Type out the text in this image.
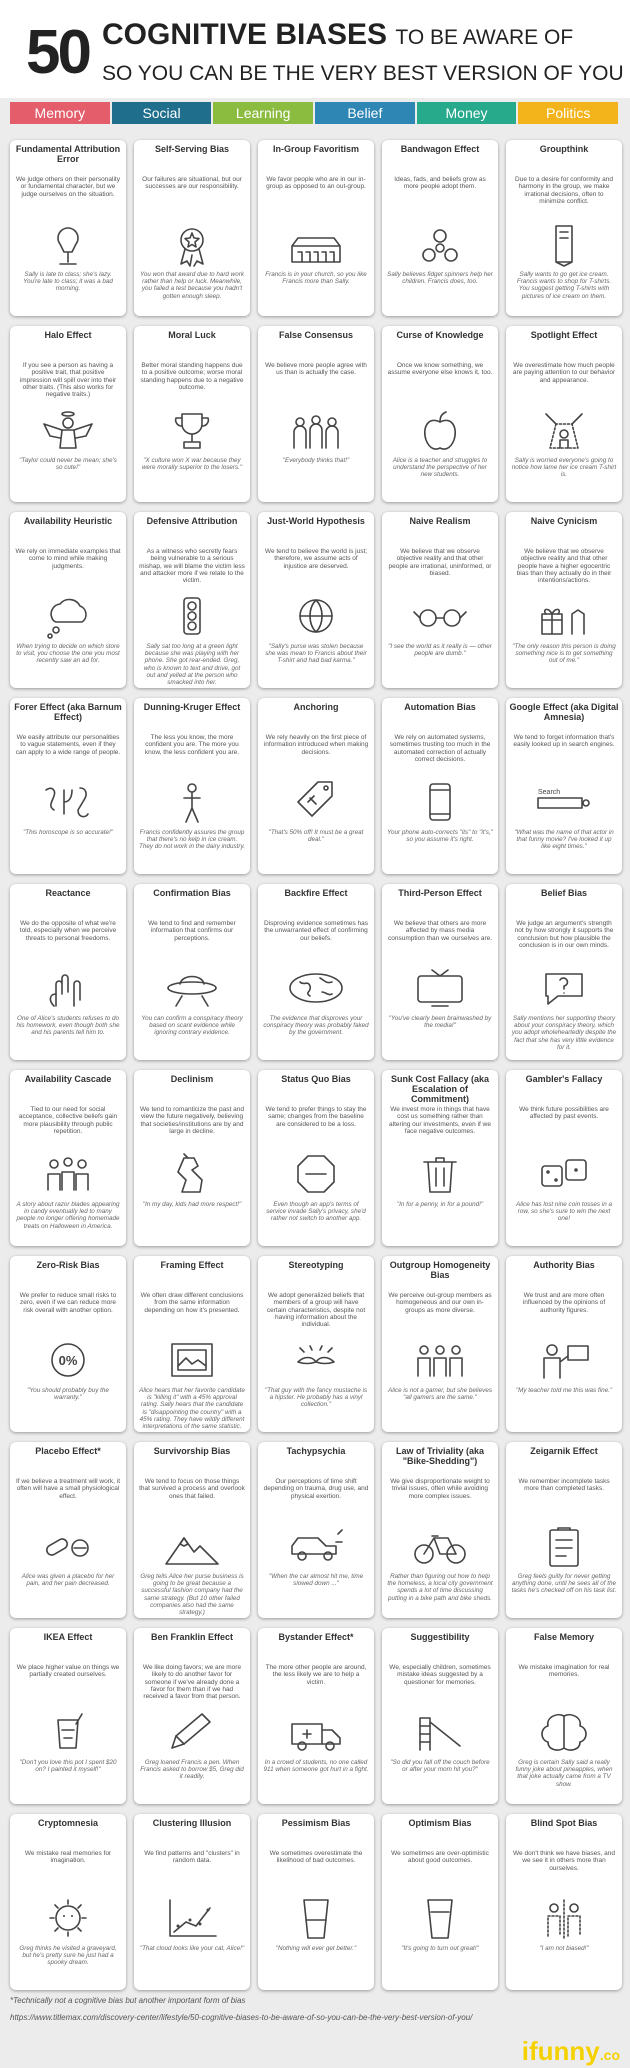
50 COGNITIVE BIASES TO BE AWARE OF
SO YOU CAN BE THE VERY BEST VERSION OF YOU
Memory	Social	Learning	Belief	Money	Politics
Fundamental Attribution Error
We judge others on their personality or fundamental character, but we judge ourselves on the situation.
Sally is late to class; she's lazy. You're late to class; it was a bad morning.
Self-Serving Bias
Our failures are situational, but our successes are our responsibility.
You won that award due to hard work rather than help or luck. Meanwhile, you failed a test because you hadn't gotten enough sleep.
In-Group Favoritism
We favor people who are in our in-group as opposed to an out-group.
Francis is in your church, so you like Francis more than Sally.
Bandwagon Effect
Ideas, fads, and beliefs grow as more people adopt them.
Sally believes fidget spinners help her children. Francis does, too.
Groupthink
Due to a desire for conformity and harmony in the group, we make irrational decisions, often to minimize conflict.
Sally wants to go get ice cream. Francis wants to shop for T-shirts. You suggest getting T-shirts with pictures of ice cream on them.
Halo Effect
If you see a person as having a positive trait, that positive impression will spill over into their other traits. (This also works for negative traits.)
"Taylor could never be mean; she's so cute!"
Moral Luck
Better moral standing happens due to a positive outcome; worse moral standing happens due to a negative outcome.
"X culture won X war because they were morally superior to the losers."
False Consensus
We believe more people agree with us than is actually the case.
"Everybody thinks that!"
Curse of Knowledge
Once we know something, we assume everyone else knows it, too.
Alice is a teacher and struggles to understand the perspective of her new students.
Spotlight Effect
We overestimate how much people are paying attention to our behavior and appearance.
Sally is worried everyone's going to notice how lame her ice cream T-shirt is.
Availability Heuristic
We rely on immediate examples that come to mind while making judgments.
When trying to decide on which store to visit, you choose the one you most recently saw an ad for.
Defensive Attribution
As a witness who secretly fears being vulnerable to a serious mishap, we will blame the victim less and attacker more if we relate to the victim.
Sally sat too long at a green light because she was playing with her phone. She got rear-ended. Greg, who is known to text and drive, got out and yelled at the person who smacked into her.
Just-World Hypothesis
We tend to believe the world is just; therefore, we assume acts of injustice are deserved.
"Sally's purse was stolen because she was mean to Francis about their T-shirt and had bad karma."
Naive Realism
We believe that we observe objective reality and that other people are irrational, uninformed, or biased.
"I see the world as it really is — other people are dumb."
Naive Cynicism
We believe that we observe objective reality and that other people have a higher egocentric bias than they actually do in their intentions/actions.
"The only reason this person is doing something nice is to get something out of me."
Forer Effect (aka Barnum Effect)
We easily attribute our personalities to vague statements, even if they can apply to a wide range of people.
"This horoscope is so accurate!"
Dunning-Kruger Effect
The less you know, the more confident you are. The more you know, the less confident you are.
Francis confidently assures the group that there's no kelp in ice cream. They do not work in the dairy industry.
Anchoring
We rely heavily on the first piece of information introduced when making decisions.
"That's 50% off! It must be a great deal."
Automation Bias
We rely on automated systems, sometimes trusting too much in the automated correction of actually correct decisions.
Your phone auto-corrects "its" to "it's," so you assume it's right.
Google Effect (aka Digital Amnesia)
We tend to forget information that's easily looked up in search engines.
Search
"What was the name of that actor in that funny movie? I've looked it up like eight times."
Reactance
We do the opposite of what we're told, especially when we perceive threats to personal freedoms.
One of Alice's students refuses to do his homework, even though both she and his parents tell him to.
Confirmation Bias
We tend to find and remember information that confirms our perceptions.
You can confirm a conspiracy theory based on scant evidence while ignoring contrary evidence.
Backfire Effect
Disproving evidence sometimes has the unwarranted effect of confirming our beliefs.
The evidence that disproves your conspiracy theory was probably faked by the government.
Third-Person Effect
We believe that others are more affected by mass media consumption than we ourselves are.
"You've clearly been brainwashed by the media!"
Belief Bias
We judge an argument's strength not by how strongly it supports the conclusion but how plausible the conclusion is in our own minds.
Sally mentions her supporting theory about your conspiracy theory, which you adopt wholeheartedly despite the fact that she has very little evidence for it.
Availability Cascade
Tied to our need for social acceptance, collective beliefs gain more plausibility through public repetition.
A story about razor blades appearing in candy eventually led to many people no longer offering homemade treats on Halloween in America.
Declinism
We tend to romanticize the past and view the future negatively, believing that societies/institutions are by and large in decline.
"In my day, kids had more respect!"
Status Quo Bias
We tend to prefer things to stay the same; changes from the baseline are considered to be a loss.
Even though an app's terms of service invade Sally's privacy, she'd rather not switch to another app.
Sunk Cost Fallacy (aka Escalation of Commitment)
We invest more in things that have cost us something rather than altering our investments, even if we face negative outcomes.
"In for a penny, in for a pound!"
Gambler's Fallacy
We think future possibilities are affected by past events.
Alice has lost nine coin tosses in a row, so she's sure to win the next one!
Zero-Risk Bias
We prefer to reduce small risks to zero, even if we can reduce more risk overall with another option.
0%
"You should probably buy the warranty."
Framing Effect
We often draw different conclusions from the same information depending on how it's presented.
Alice hears that her favorite candidate is "killing it" with a 45% approval rating. Sally hears that the candidate is "disappointing the country" with a 45% rating. They have wildly different interpretations of the same statistic.
Stereotyping
We adopt generalized beliefs that members of a group will have certain characteristics, despite not having information about the individual.
"That guy with the fancy mustache is a hipster. He probably has a vinyl collection."
Outgroup Homogeneity Bias
We perceive out-group members as homogeneous and our own in-groups as more diverse.
Alice is not a gamer, but she believes "all gamers are the same."
Authority Bias
We trust and are more often influenced by the opinions of authority figures.
"My teacher told me this was fine."
Placebo Effect*
If we believe a treatment will work, it often will have a small physiological effect.
Alice was given a placebo for her pain, and her pain decreased.
Survivorship Bias
We tend to focus on those things that survived a process and overlook ones that failed.
Greg tells Alice her purse business is going to be great because a successful fashion company had the same strategy. (But 10 other failed companies also had the same strategy.)
Tachypsychia
Our perceptions of time shift depending on trauma, drug use, and physical exertion.
"When the car almost hit me, time slowed down ..."
Law of Triviality (aka "Bike-Shedding")
We give disproportionate weight to trivial issues, often while avoiding more complex issues.
Rather than figuring out how to help the homeless, a local city government spends a lot of time discussing putting in a bike path and bike sheds.
Zeigarnik Effect
We remember incomplete tasks more than completed tasks.
Greg feels guilty for never getting anything done, until he sees all of the tasks he's checked off on his task list.
IKEA Effect
We place higher value on things we partially created ourselves.
"Don't you love this pot I spent $20 on? I painted it myself!"
Ben Franklin Effect
We like doing favors; we are more likely to do another favor for someone if we've already done a favor for them than if we had received a favor from that person.
Greg loaned Francis a pen. When Francis asked to borrow $5, Greg did it readily.
Bystander Effect*
The more other people are around, the less likely we are to help a victim.
In a crowd of students, no one called 911 when someone got hurt in a fight.
Suggestibility
We, especially children, sometimes mistake ideas suggested by a questioner for memories.
"So did you fall off the couch before or after your mom hit you?"
False Memory
We mistake imagination for real memories.
Greg is certain Sally said a really funny joke about pineapples, when that joke actually came from a TV show.
Cryptomnesia
We mistake real memories for imagination.
Greg thinks he visited a graveyard, but he's pretty sure he just had a spooky dream.
Clustering Illusion
We find patterns and "clusters" in random data.
"That cloud looks like your cat, Alice!"
Pessimism Bias
We sometimes overestimate the likelihood of bad outcomes.
"Nothing will ever get better."
Optimism Bias
We sometimes are over-optimistic about good outcomes.
"It's going to turn out great!"
Blind Spot Bias
We don't think we have biases, and we see it in others more than ourselves.
"I am not biased!"
*Technically not a cognitive bias but another important form of bias
https://www.titlemax.com/discovery-center/lifestyle/50-cognitive-biases-to-be-aware-of-so-you-can-be-the-very-best-version-of-you/
ifunny.co
